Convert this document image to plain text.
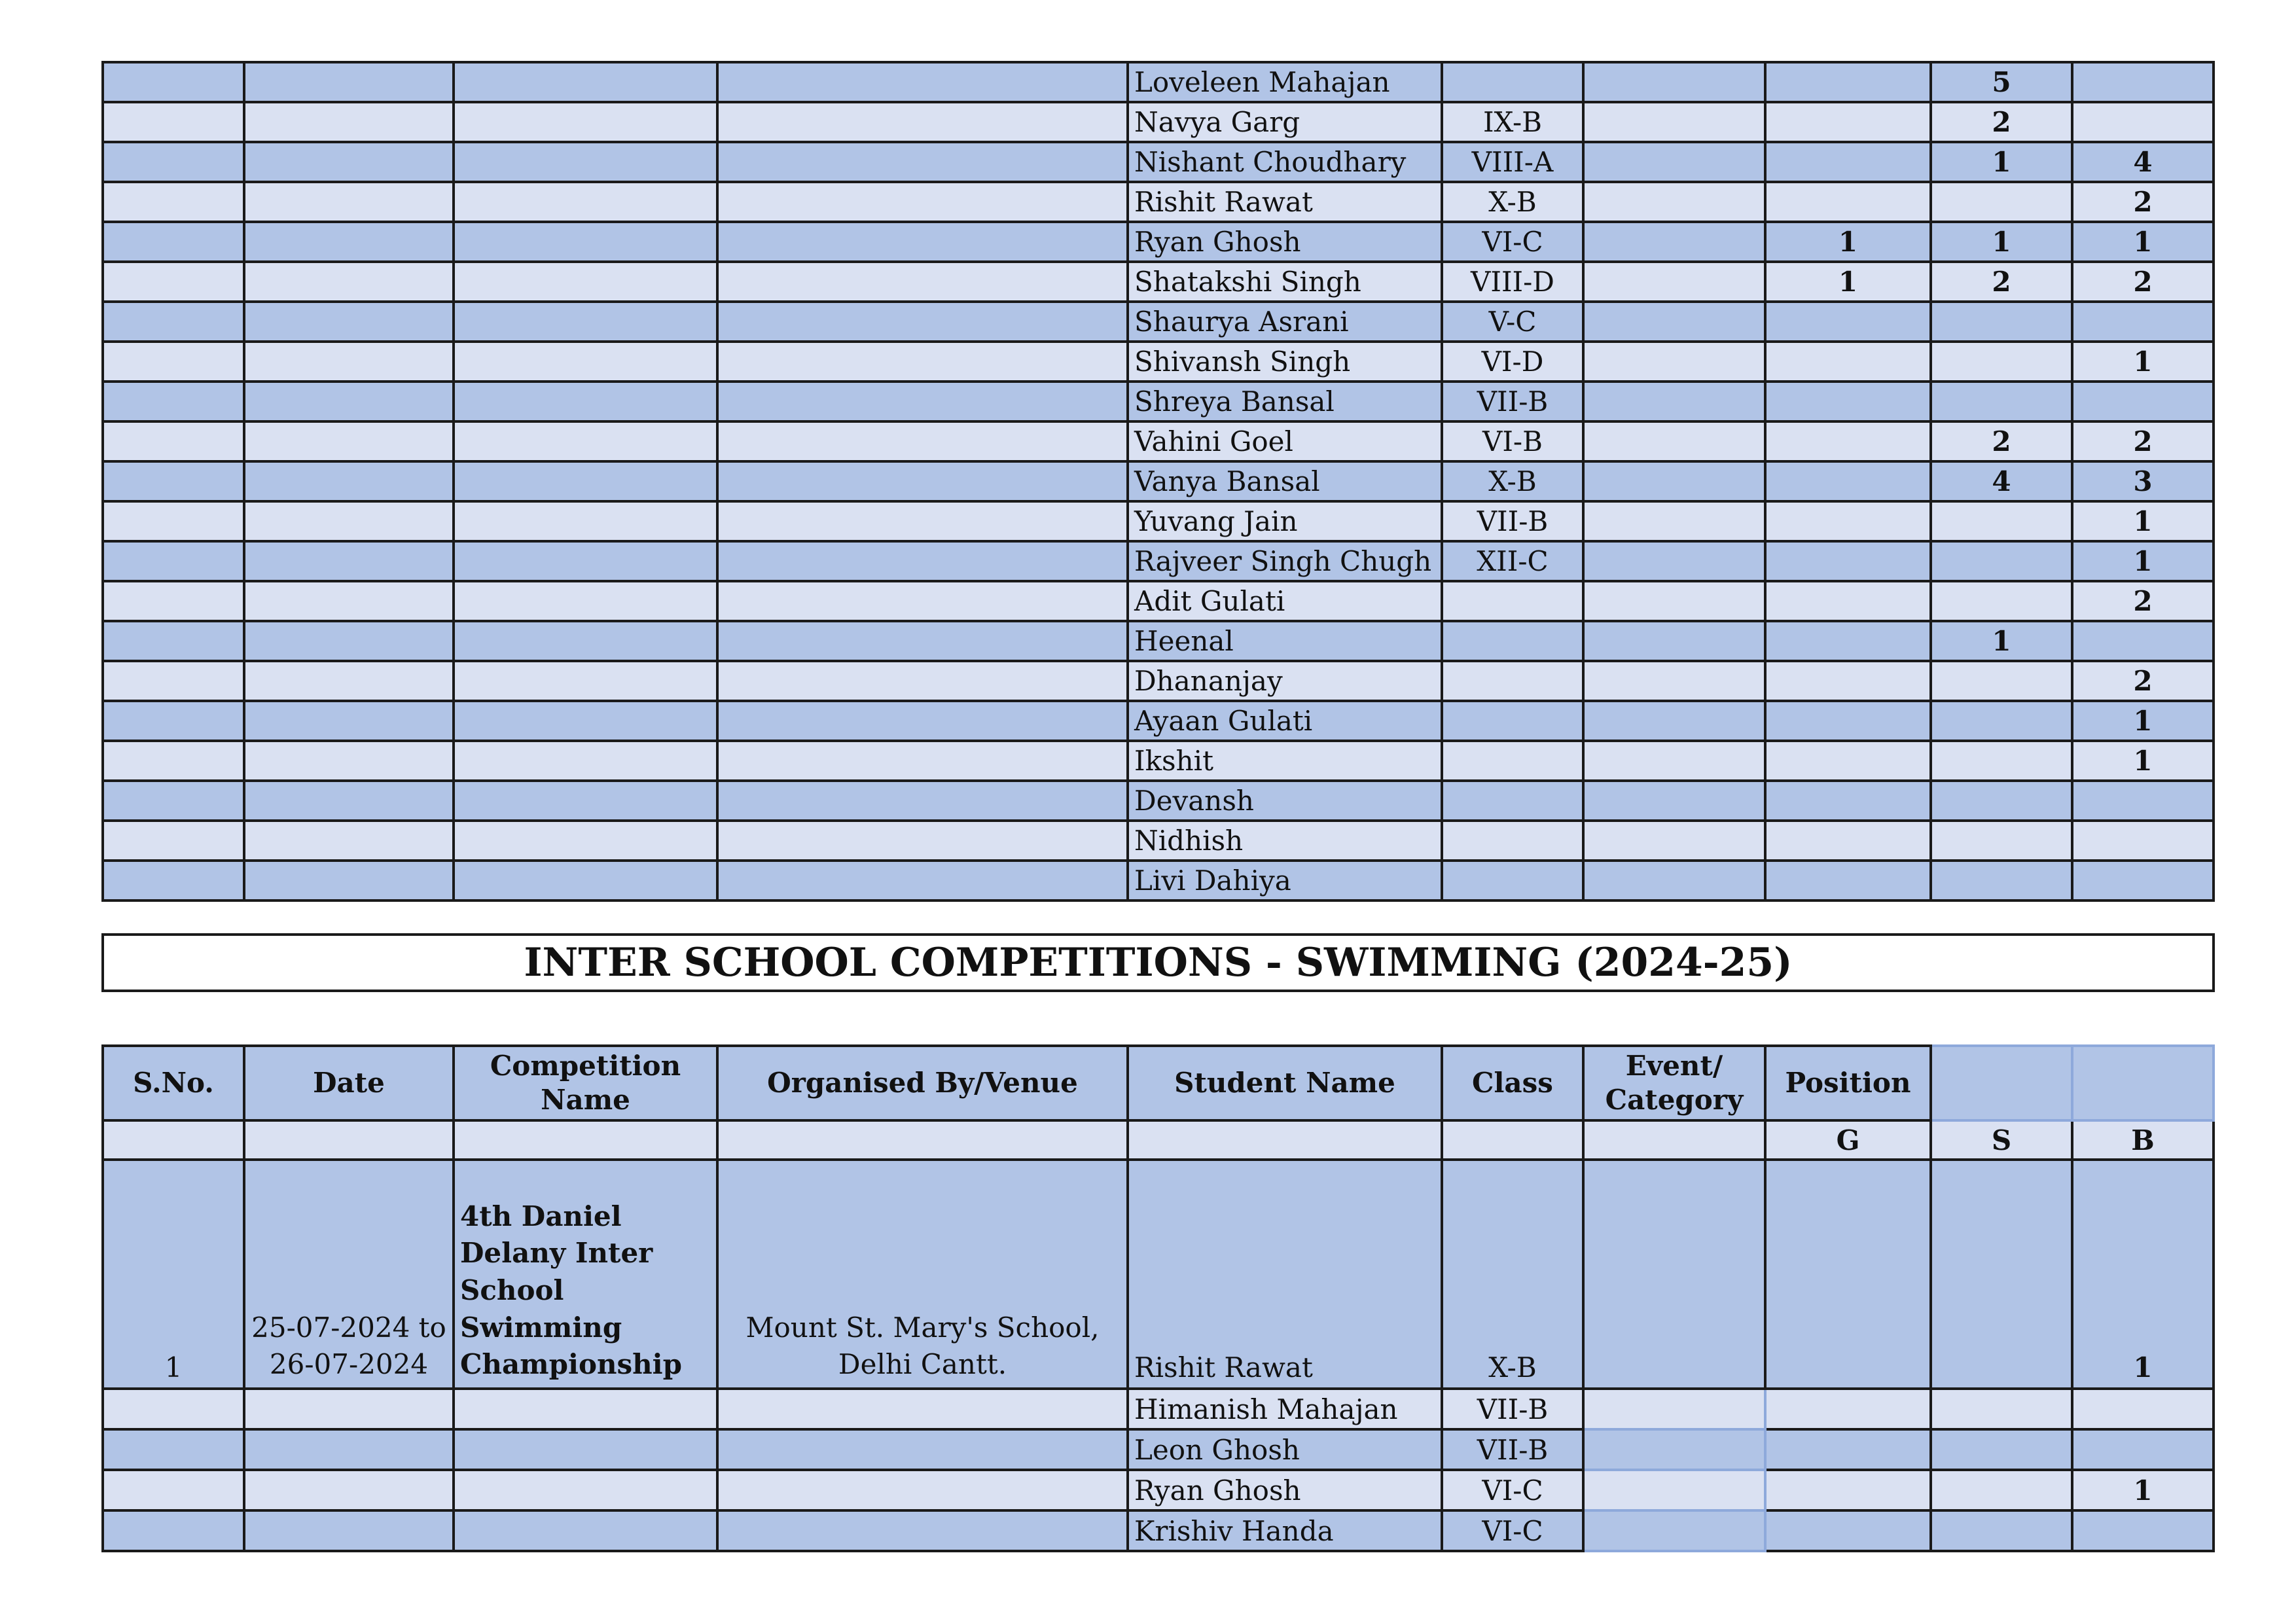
				Loveleen Mahajan				5	
				Navya Garg	IX-B			2	
				Nishant Choudhary	VIII-A			1	4
				Rishit Rawat	X-B				2
				Ryan Ghosh	VI-C		1	1	1
				Shatakshi Singh	VIII-D		1	2	2
				Shaurya Asrani	V-C				
				Shivansh Singh	VI-D				1
				Shreya Bansal	VII-B				
				Vahini Goel	VI-B			2	2
				Vanya Bansal	X-B			4	3
				Yuvang Jain	VII-B				1
				Rajveer Singh Chugh	XII-C				1
				Adit Gulati					2
				Heenal				1	
				Dhananjay					2
				Ayaan Gulati					1
				Ikshit					1
				Devansh					
				Nidhish					
				Livi Dahiya					
INTER SCHOOL COMPETITIONS - SWIMMING (2024-25)									

S.No.	Date	Competition Name	Organised By/Venue	Student Name	Class	Event/ Category	Position		
							G	S	B
1	25-07-2024 to 26-07-2024	4th Daniel Delany Inter School Swimming Championship	Mount St. Mary's School, Delhi Cantt.	Rishit Rawat	X-B				1
				Himanish Mahajan	VII-B				
				Leon Ghosh	VII-B				
				Ryan Ghosh	VI-C				1
				Krishiv Handa	VI-C				
